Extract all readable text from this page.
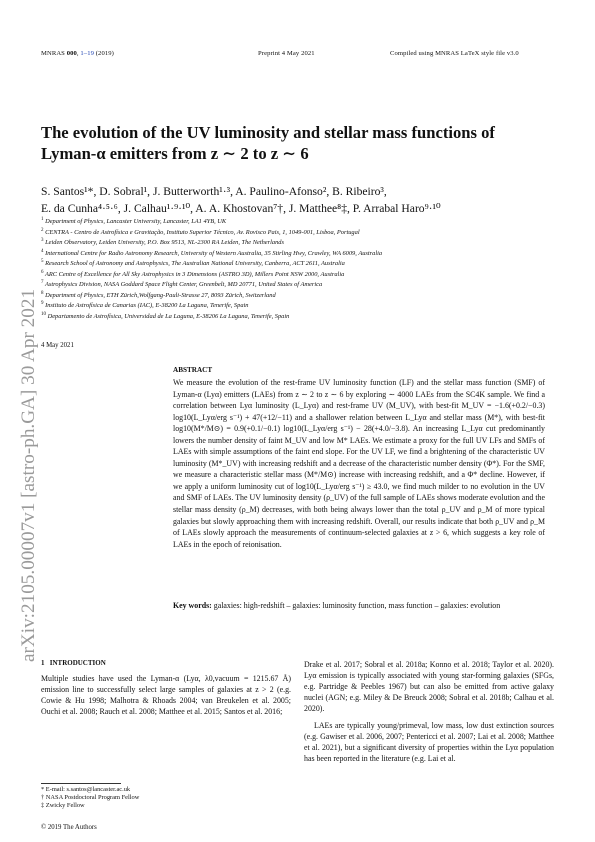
MNRAS 000, 1–19 (2019)	Preprint 4 May 2021	Compiled using MNRAS LaTeX style file v3.0
arXiv:2105.00007v1 [astro-ph.GA] 30 Apr 2021
The evolution of the UV luminosity and stellar mass functions of
Lyman-α emitters from z ∼ 2 to z ∼ 6
S. Santos¹*, D. Sobral¹, J. Butterworth¹·³, A. Paulino-Afonso², B. Ribeiro³,
E. da Cunha⁴·⁵·⁶, J. Calhau¹·⁹·¹⁰, A. A. Khostovan⁷†, J. Matthee⁸‡, P. Arrabal Haro⁹·¹⁰
$^1$ Department of Physics, Lancaster University, Lancaster, LA1 4YB, UK
$^2$ CENTRA - Centro de Astrofísica e Gravitação, Instituto Superior Técnico, Av. Rovisco Pais, 1, 1049-001, Lisboa, Portugal
$^3$ Leiden Observatory, Leiden University, P.O. Box 9513, NL-2300 RA Leiden, The Netherlands
$^4$ International Centre for Radio Astronomy Research, University of Western Australia, 35 Stirling Hwy, Crawley, WA 6009, Australia
$^5$ Research School of Astronomy and Astrophysics, The Australian National University, Canberra, ACT 2611, Australia
$^6$ ARC Centre of Excellence for All Sky Astrophysics in 3 Dimensions (ASTRO 3D), Millers Point NSW 2000, Australia
$^7$ Astrophysics Division, NASA Goddard Space Flight Center, Greenbelt, MD 20771, United States of America
$^8$ Department of Physics, ETH Zürich,Wolfgang-Pauli-Strasse 27, 8093 Zürich, Switzerland
$^9$ Instituto de Astrofísica de Canarias (IAC), E-38200 La Laguna, Tenerife, Spain
$^{10}$ Departamento de Astrofísica, Universidad de La Laguna, E-38206 La Laguna, Tenerife, Spain
4 May 2021
ABSTRACT

We measure the evolution of the rest-frame UV luminosity function (LF) and the stellar mass function (SMF) of Lyman-α (Lyα) emitters (LAEs) from z ∼ 2 to z ∼ 6 by exploring ∼ 4000 LAEs from the SC4K sample. We find a correlation between Lyα luminosity (L_Lyα) and rest-frame UV (M_UV), with best-fit M_UV = −1.6(+0.2/−0.3) log10(L_Lyα/erg s⁻¹) + 47(+12/−11) and a shallower relation between L_Lyα and stellar mass (M*), with best-fit log10(M*/M⊙) = 0.9(+0.1/−0.1) log10(L_Lyα/erg s⁻¹) − 28(+4.0/−3.8). An increasing L_Lyα cut predominantly lowers the number density of faint M_UV and low M* LAEs. We estimate a proxy for the full UV LFs and SMFs of LAEs with simple assumptions of the faint end slope. For the UV LF, we find a brightening of the characteristic UV luminosity (M*_UV) with increasing redshift and a decrease of the characteristic number density (Φ*). For the SMF, we measure a characteristic stellar mass (M*/M⊙) increase with increasing redshift, and a Φ* decline. However, if we apply a uniform luminosity cut of log10(L_Lyα/erg s⁻¹) ≥ 43.0, we find much milder to no evolution in the UV and SMF of LAEs. The UV luminosity density (ρ_UV) of the full sample of LAEs shows moderate evolution and the stellar mass density (ρ_M) decreases, with both being always lower than the total ρ_UV and ρ_M of more typical galaxies but slowly approaching them with increasing redshift. Overall, our results indicate that both ρ_UV and ρ_M of LAEs slowly approach the measurements of continuum-selected galaxies at z > 6, which suggests a key role of LAEs in the epoch of reionisation.

Key words: galaxies: high-redshift – galaxies: luminosity function, mass function – galaxies: evolution
1 INTRODUCTION

Multiple studies have used the Lyman-α (Lyα, λ0,vacuum = 1215.67 Å) emission line to successfully select large samples of galaxies at z > 2 (e.g. Cowie & Hu 1998; Malhotra & Rhoads 2004; van Breukelen et al. 2005; Ouchi et al. 2008; Rauch et al. 2008; Matthee et al. 2015; Santos et al. 2016;

Drake et al. 2017; Sobral et al. 2018a; Konno et al. 2018; Taylor et al. 2020). Lyα emission is typically associated with young star-forming galaxies (SFGs, e.g. Partridge & Peebles 1967) but can also be emitted from active galaxy nuclei (AGN; e.g. Miley & De Breuck 2008; Sobral et al. 2018b; Calhau et al. 2020).

LAEs are typically young/primeval, low mass, low dust extinction sources (e.g. Gawiser et al. 2006, 2007; Pentericci et al. 2007; Lai et al. 2008; Matthee et al. 2021), but a significant diversity of properties within the Lyα population has been reported in the literature (e.g. Lai et al.

* E-mail: s.santos@lancaster.ac.uk
† NASA Postdoctoral Program Fellow
‡ Zwicky Fellow
© 2019 The Authors
